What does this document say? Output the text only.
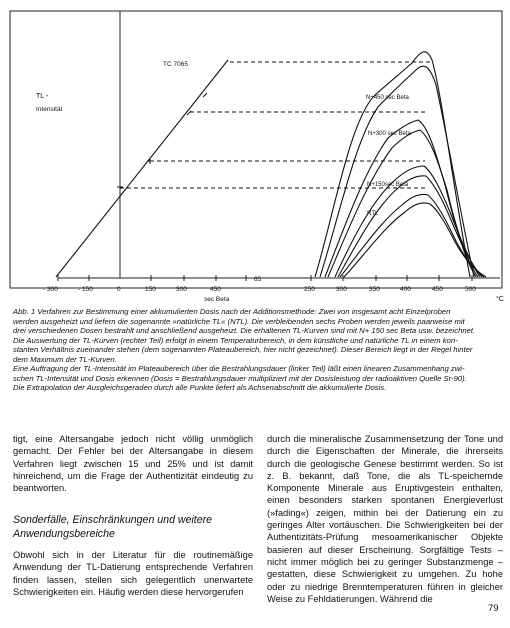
TL -
Intensität
TC 7065
- 300	- 150	0	150	300	450
sec Beta
65
250	300	350	400	450	500
°C
N+450 sec Beta
N+300 sec Beta
N+150sec Beta
NTL
Abb. 1 Verfahren zur Bestimmung einer akkumulierten Dosis nach der Additionsmethode: Zwei von insgesamt acht Einzelproben
werden ausgeheizt und liefern die sogenannte »natürliche TL« (NTL). Die verbleibenden sechs Proben werden jeweils paarweise mit
drei verschiedenen Dosen bestrahlt und anschließend ausgeheizt. Die erhaltenen TL-Kurven sind mit N+ 150 sec Beta usw. bezeichnet.
Die Auswertung der TL-Kurven (rechter Teil) erfolgt in einem Temperaturbereich, in dem künstliche und natürliche TL in einem kon-
stanten Verhältnis zueinander stehen (dem sogenannten Plateaubereich, hier nicht gezeichnet). Dieser Bereich liegt in der Regel hinter
dem Maximum der TL-Kurven.
Eine Auftragung der TL-Intensität im Plateaubereich über die Bestrahlungsdauer (linker Teil) läßt einen linearen Zusammenhang zwi-
schen TL-Intensität und Dosis erkennen (Dosis = Bestrahlungsdauer multipliziert mit der Dosisleistung der radioaktiven Quelle Sr-90).
Die Extrapolation der Ausgleichsgeraden durch alle Punkte liefert als Achsenabschnitt die akkumulierte Dosis.

tigt, eine Altersangabe jedoch nicht völlig unmöglich gemacht. Der Fehler bei der Altersangabe in diesem Verfahren liegt zwischen 15 und 25% und ist damit hinreichend, um die Frage der Authentizität eindeutig zu beantworten.

Sonderfälle, Einschränkungen und weitere Anwendungsbereiche

Obwohl sich in der Literatur für die routinemäßige Anwendung der TL-Datierung entsprechende Verfahren finden lassen, stellen sich gelegentlich unerwartete Schwierigkeiten ein. Häufig werden diese hervorgerufen

durch die mineralische Zusammensetzung der Tone und durch die Eigenschaften der Minerale, die ihrerseits durch die geologische Genese bestimmt werden. So ist z. B. bekannt, daß Tone, die als TL-speichernde Komponente Minerale aus Eruptivgestein enthalten, einen besonders starken spontanen Energieverlust (»fading«) zeigen, mithin bei der Datierung ein zu geringes Alter vortäuschen. Die Schwierigkeiten bei der Authentizitäts-Prüfung mesoamerikanischer Objekte basieren auf dieser Erscheinung. Sorgfältige Tests – nicht immer möglich bei zu geringer Substanzmenge – gestatten, diese Schwierigkeit zu umgehen. Zu hohe oder zu niedrige Brenntemperaturen führen in gleicher Weise zu Fehldatierungen. Während die

79
